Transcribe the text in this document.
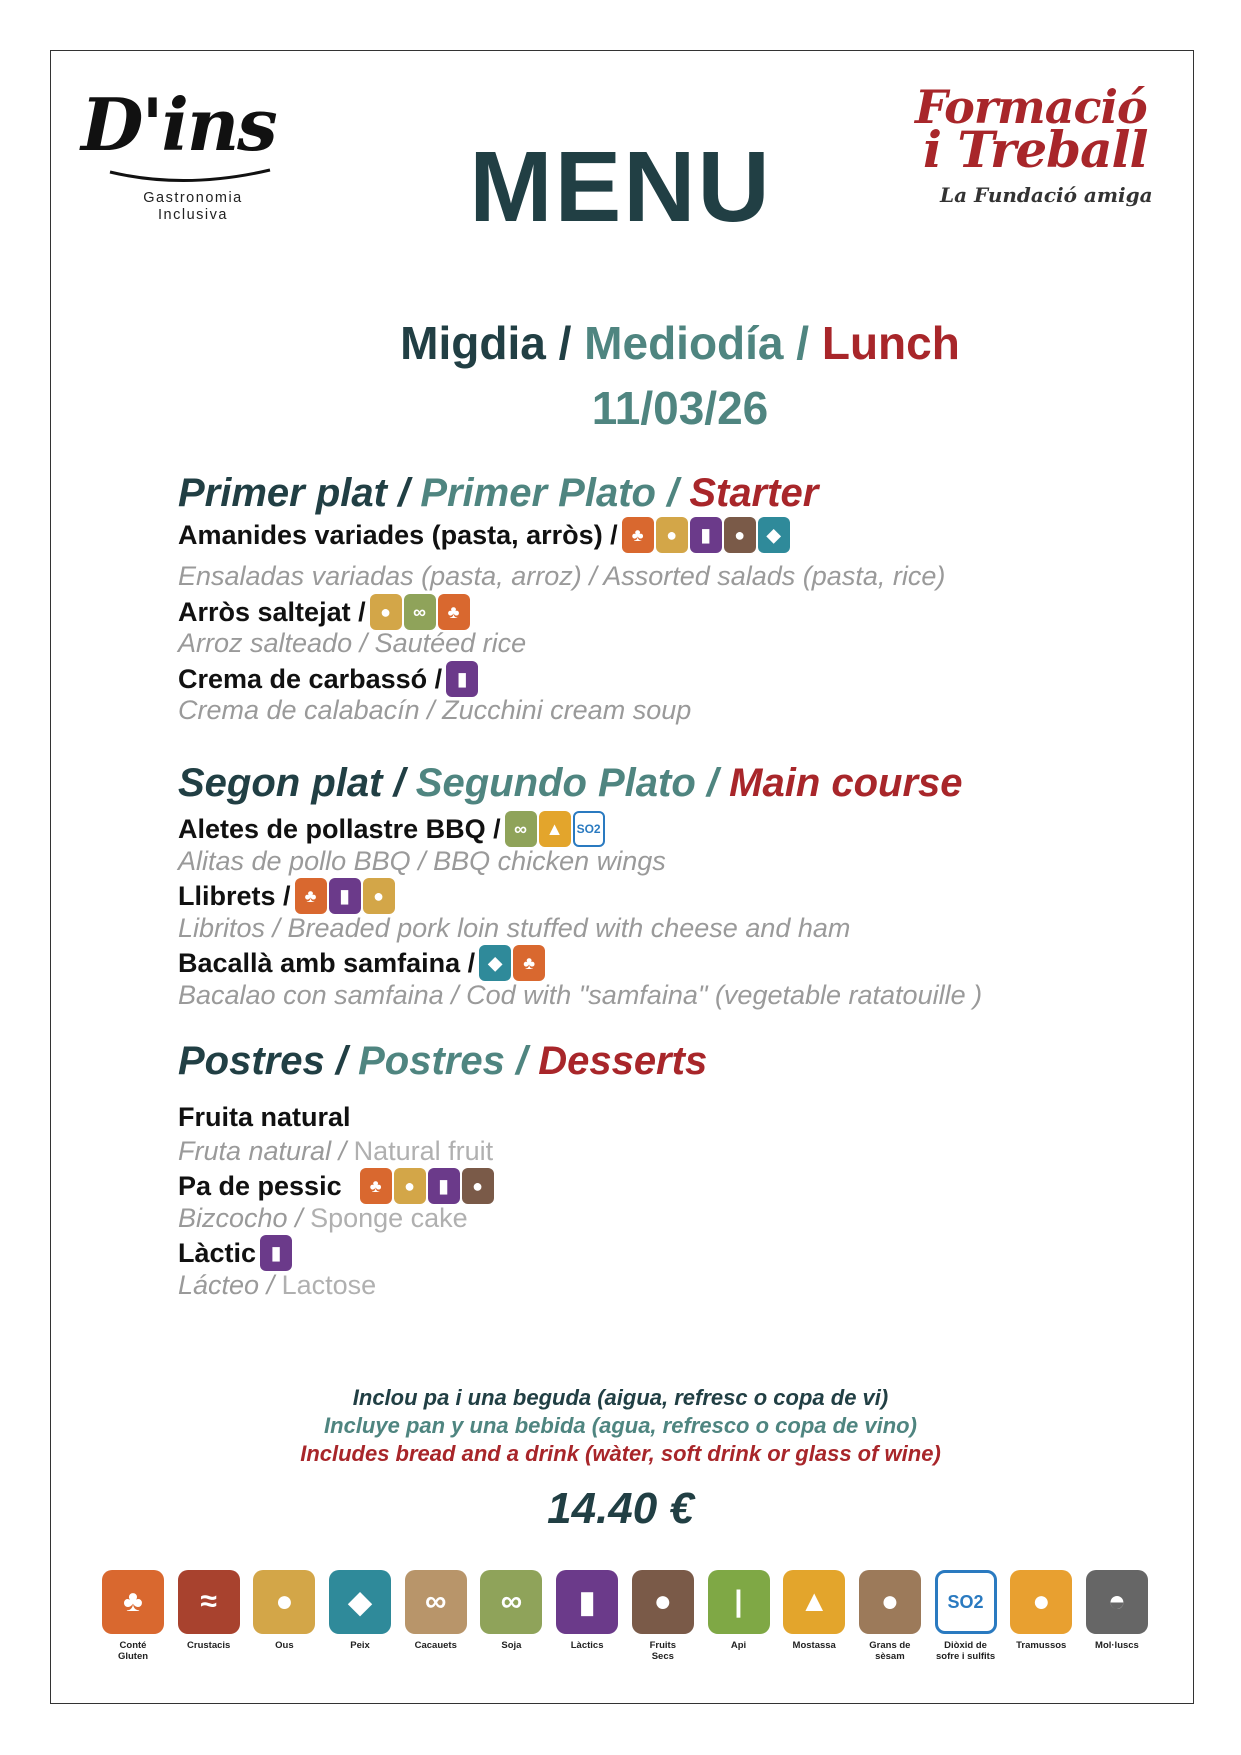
D'ins
Gastronomia
Inclusiva
Formació
i Treball
La Fundació amiga
MENU
Migdia / Mediodía / Lunch
11/03/26
Primer plat / Primer Plato / Starter
Amanides variades (pasta, arròs) / ♣	●	▮	●	◆
Ensaladas variadas (pasta, arroz) / Assorted salads (pasta, rice)
Arròs saltejat / ●	∞	♣
Arroz salteado / Sautéed rice
Crema de carbassó / ▮
Crema de calabacín / Zucchini cream soup
Segon plat / Segundo Plato / Main course
Aletes de pollastre BBQ / ∞	▲	SO2
Alitas de pollo BBQ / BBQ chicken wings
Llibrets / ♣	▮	●
Libritos / Breaded pork loin stuffed with cheese and ham
Bacallà amb samfaina / ◆	♣
Bacalao con samfaina / Cod with "samfaina" (vegetable ratatouille )
Postres / Postres / Desserts
Fruita natural
Fruta natural / Natural fruit
Pa de pessic	♣	●	▮	●
Bizcocho / Sponge cake
Làctic ▮
Lácteo / Lactose
Inclou pa i una beguda (aigua, refresc o copa de vi)
Incluye pan y una bebida (agua, refresco o copa de vino)
Includes bread and a drink (wàter, soft drink or glass of wine)
14.40 €
♣
Conté
Gluten
≈
Crustacis
●
Ous
◆
Peix
∞
Cacauets
∞
Soja
▮
Làctics
●
Fruits
Secs
|
Api
▲
Mostassa
●
Grans de
sèsam
SO2
Diòxid de
sofre i sulfits
●
Tramussos
◓
Mol·luscs
